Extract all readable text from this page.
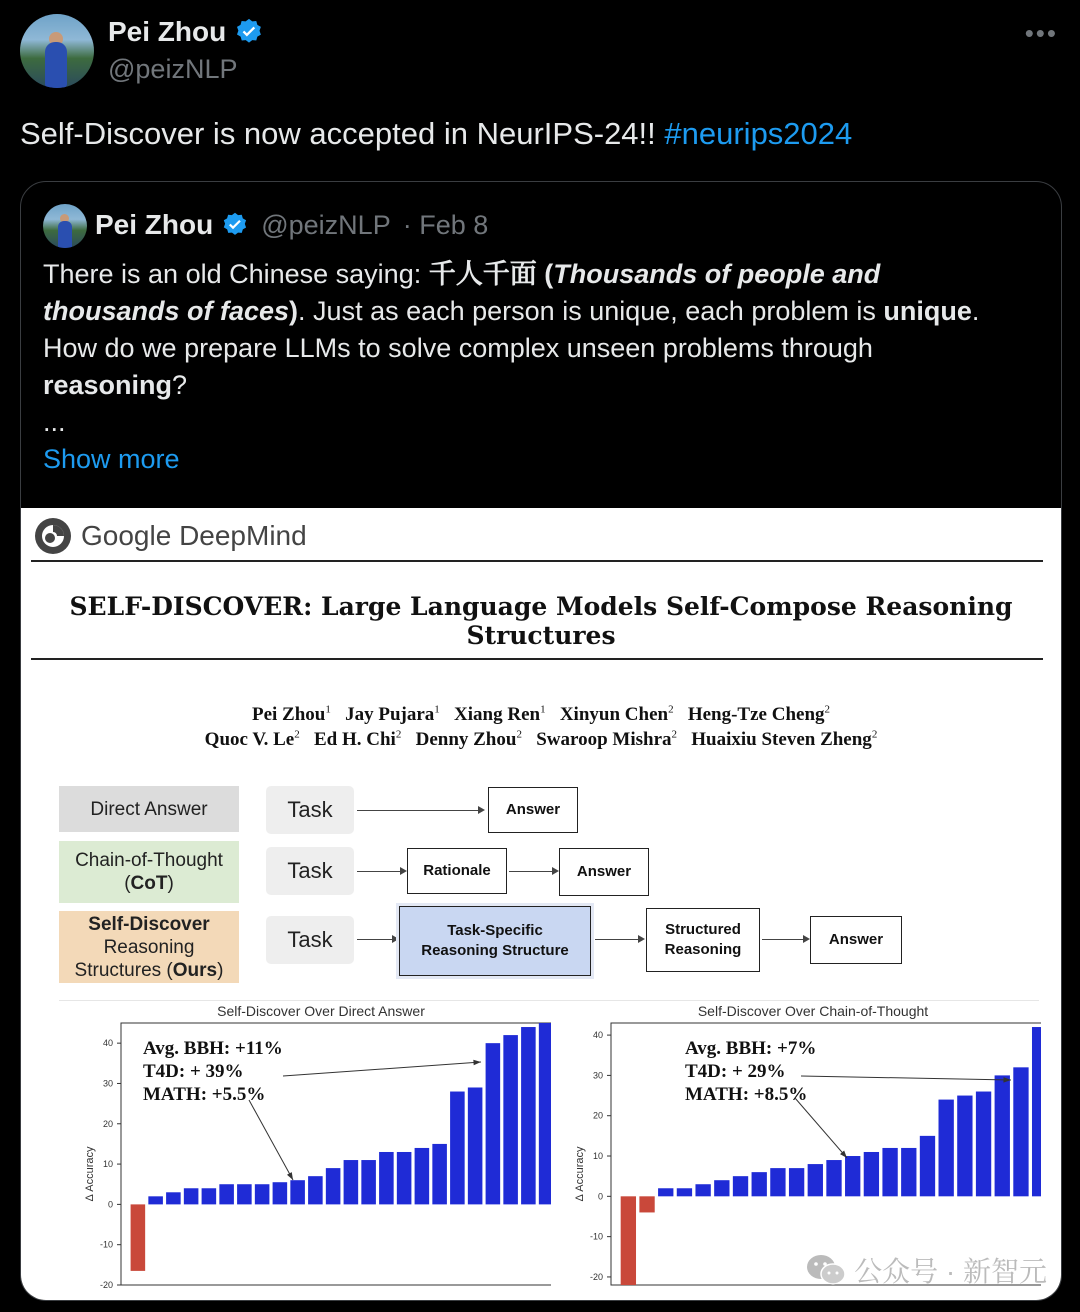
Pei Zhou
@peizNLP
•••
Self-Discover is now accepted in NeurIPS-24!! #neurips2024
Pei Zhou @peizNLP · Feb 8
There is an old Chinese saying: 千人千面 (Thousands of people and
thousands of faces). Just as each person is unique, each problem is unique.
How do we prepare LLMs to solve complex unseen problems through
reasoning?
...
Show more
Google DeepMind
SELF-DISCOVER: Large Language Models Self-Compose Reasoning Structures
Pei Zhou$^1$ Jay Pujara$^1$ Xiang Ren$^1$ Xinyun Chen$^2$ Heng-Tze Cheng$^2$
Quoc V. Le$^2$ Ed H. Chi$^2$ Denny Zhou$^2$ Swaroop Mishra$^2$ Huaixiu Steven Zheng$^2$
Direct Answer
Chain-of-Thought
(CoT)
Self-Discover
Reasoning
Structures (Ours)
Task
Task
Task
Answer
Rationale	Answer
Task-Specific
Reasoning Structure
Structured
Reasoning
Answer
Self-Discover Over Direct Answer	Self-Discover Over Chain-of-Thought
40
30
20
10
0
-10
-20
Δ Accuracy
Avg. BBH: +11%
T4D: + 39%
MATH: +5.5%
40
30
20
10
0
-10
-20
Δ Accuracy
Avg. BBH: +7%
T4D: + 29%
MATH: +8.5%
公众号 · 新智元
